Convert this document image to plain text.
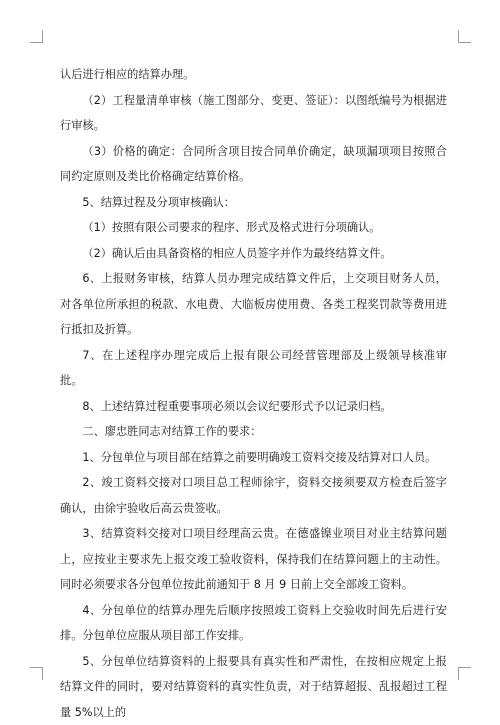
认后进行相应的结算办理。

（2）工程量清单审核（施工图部分、变更、签证）：以图纸编号为根据进行审核。

（3）价格的确定：合同所含项目按合同单价确定，缺项漏项项目按照合同约定原则及类比价格确定结算价格。

5、结算过程及分项审核确认：

（1）按照有限公司要求的程序、形式及格式进行分项确认。

（2）确认后由具备资格的相应人员签字并作为最终结算文件。

6、上报财务审核，结算人员办理完成结算文件后，上交项目财务人员，对各单位所承担的税款、水电费、大临板房使用费、各类工程奖罚款等费用进行抵扣及折算。

7、在上述程序办理完成后上报有限公司经营管理部及上级领导核准审批。

8、上述结算过程重要事项必须以会议纪要形式予以记录归档。

二、廖忠胜同志对结算工作的要求：

1、分包单位与项目部在结算之前要明确竣工资料交接及结算对口人员。

2、竣工资料交接对口项目总工程师徐宇，资料交接须要双方检查后签字确认，由徐宇验收后高云贵签收。

3、结算资料交接对口项目经理高云贵。在德盛镍业项目对业主结算问题上，应按业主要求先上报交竣工验收资料，保持我们在结算问题上的主动性。同时必须要求各分包单位按此前通知于 8 月 9 日前上交全部竣工资料。

4、分包单位的结算办理先后顺序按照竣工资料上交验收时间先后进行安排。分包单位应服从项目部工作安排。

5、分包单位结算资料的上报要具有真实性和严肃性，在按相应规定上报结算文件的同时，要对结算资料的真实性负责，对于结算超报、乱报超过工程量 5%以上的
